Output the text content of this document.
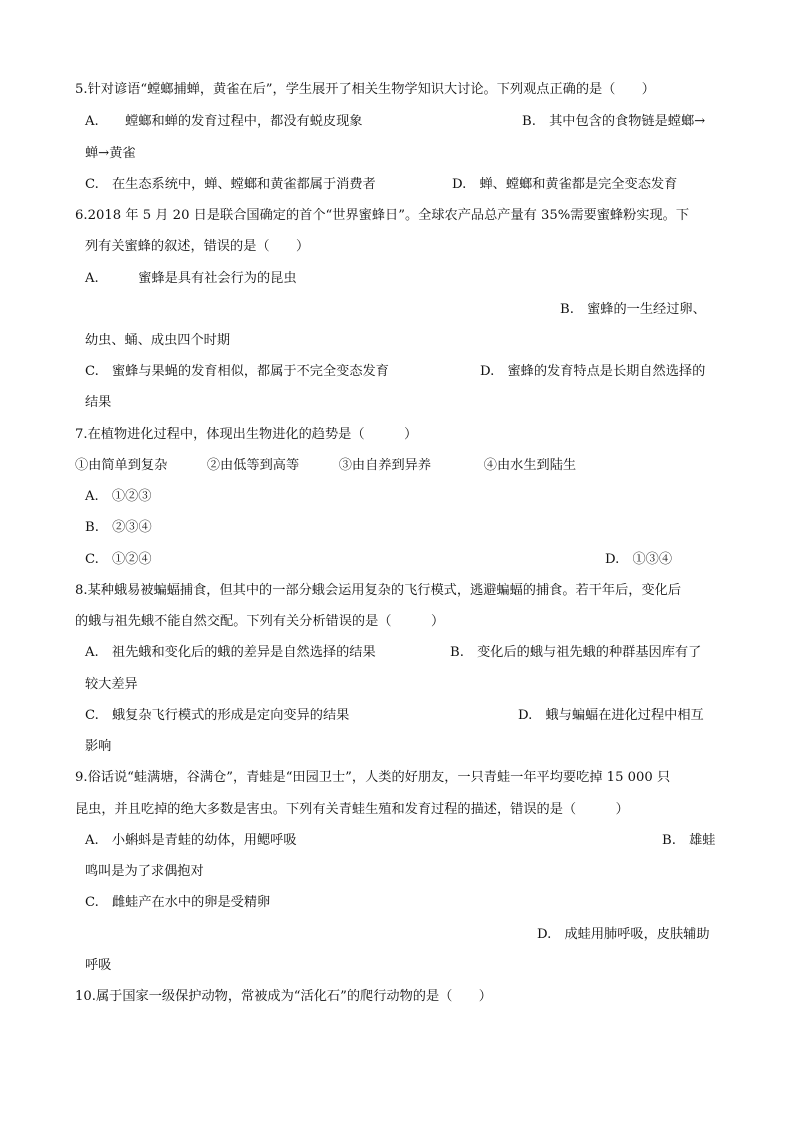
5.针对谚语“螳螂捕蝉，黄雀在后”，学生展开了相关生物学知识大讨论。下列观点正确的是（　　）
A.　　螳螂和蝉的发育过程中，都没有蜕皮现象	B.　其中包含的食物链是螳螂→
蝉→黄雀
C.　在生态系统中，蝉、螳螂和黄雀都属于消费者	D.　蝉、螳螂和黄雀都是完全变态发育
6.2018 年 5 月 20 日是联合国确定的首个“世界蜜蜂日”。全球农产品总产量有 35%需要蜜蜂粉实现。下
列有关蜜蜂的叙述，错误的是（　　）
A.　　　蜜蜂是具有社会行为的昆虫
B.　蜜蜂的一生经过卵、
幼虫、蛹、成虫四个时期
C.　蜜蜂与果蝇的发育相似，都属于不完全变态发育	D.　蜜蜂的发育特点是长期自然选择的
结果
7.在植物进化过程中，体现出生物进化的趋势是（　　　）
①由简单到复杂　　　②由低等到高等　　　③由自养到异养　　　　④由水生到陆生
A.　①②③
B.　②③④
C.　①②④	D.　①③④
8.某种蛾易被蝙蝠捕食，但其中的一部分蛾会运用复杂的飞行模式，逃避蝙蝠的捕食。若干年后，变化后
的蛾与祖先蛾不能自然交配。下列有关分析错误的是（　　　）
A.　祖先蛾和变化后的蛾的差异是自然选择的结果	B.　变化后的蛾与祖先蛾的种群基因库有了
较大差异
C.　蛾复杂飞行模式的形成是定向变异的结果	D.　蛾与蝙蝠在进化过程中相互
影响
9.俗话说“蛙满塘，谷满仓”，青蛙是“田园卫士”，人类的好朋友，一只青蛙一年平均要吃掉 15 000 只
昆虫，并且吃掉的绝大多数是害虫。下列有关青蛙生殖和发育过程的描述，错误的是（　　　）
A.　小蝌蚪是青蛙的幼体，用鳃呼吸	B.　雄蛙
鸣叫是为了求偶抱对
C.　雌蛙产在水中的卵是受精卵
D.　成蛙用肺呼吸，皮肤辅助
呼吸
10.属于国家一级保护动物，常被成为“活化石”的爬行动物的是（　　）
